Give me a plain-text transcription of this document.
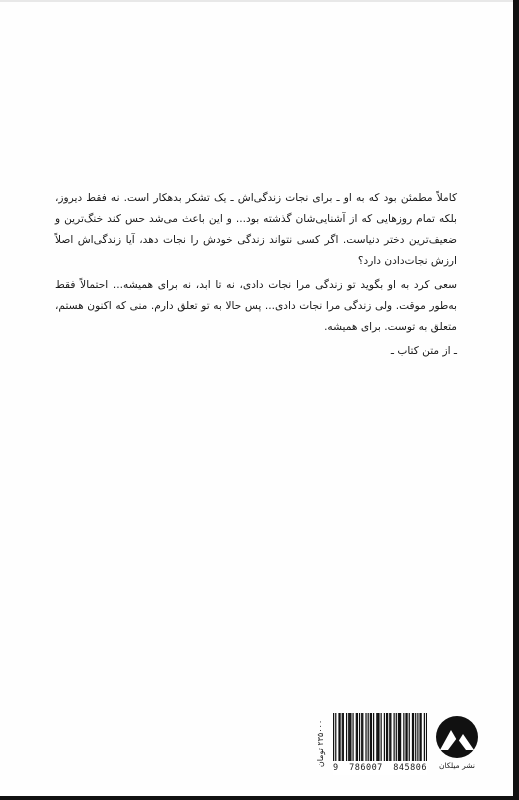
کاملاً مطمئن بود که به او ـ برای نجات زندگی‌اش ـ یک تشکر بدهکار است. نه فقط دیروز، بلکه تمام روزهایی که از آشنایی‌شان گذشته بود... و این باعث می‌شد حس کند خنگ‌ترین و ضعیف‌ترین دختر دنیاست. اگر کسی نتواند زندگی خودش را نجات دهد، آیا زندگی‌اش اصلاً ارزش نجات‌دادن دارد؟

سعی کرد به او بگوید تو زندگی مرا نجات دادی، نه تا ابد، نه برای همیشه... احتمالاً فقط به‌طور موقت. ولی زندگی مرا نجات دادی... پس حالا به تو تعلق دارم. منی که اکنون هستم، متعلق به توست. برای همیشه.

ـ از متن کتاب ـ

۲۳۵۰۰۰ تومان
9 786007 845806 نشر میلکان
